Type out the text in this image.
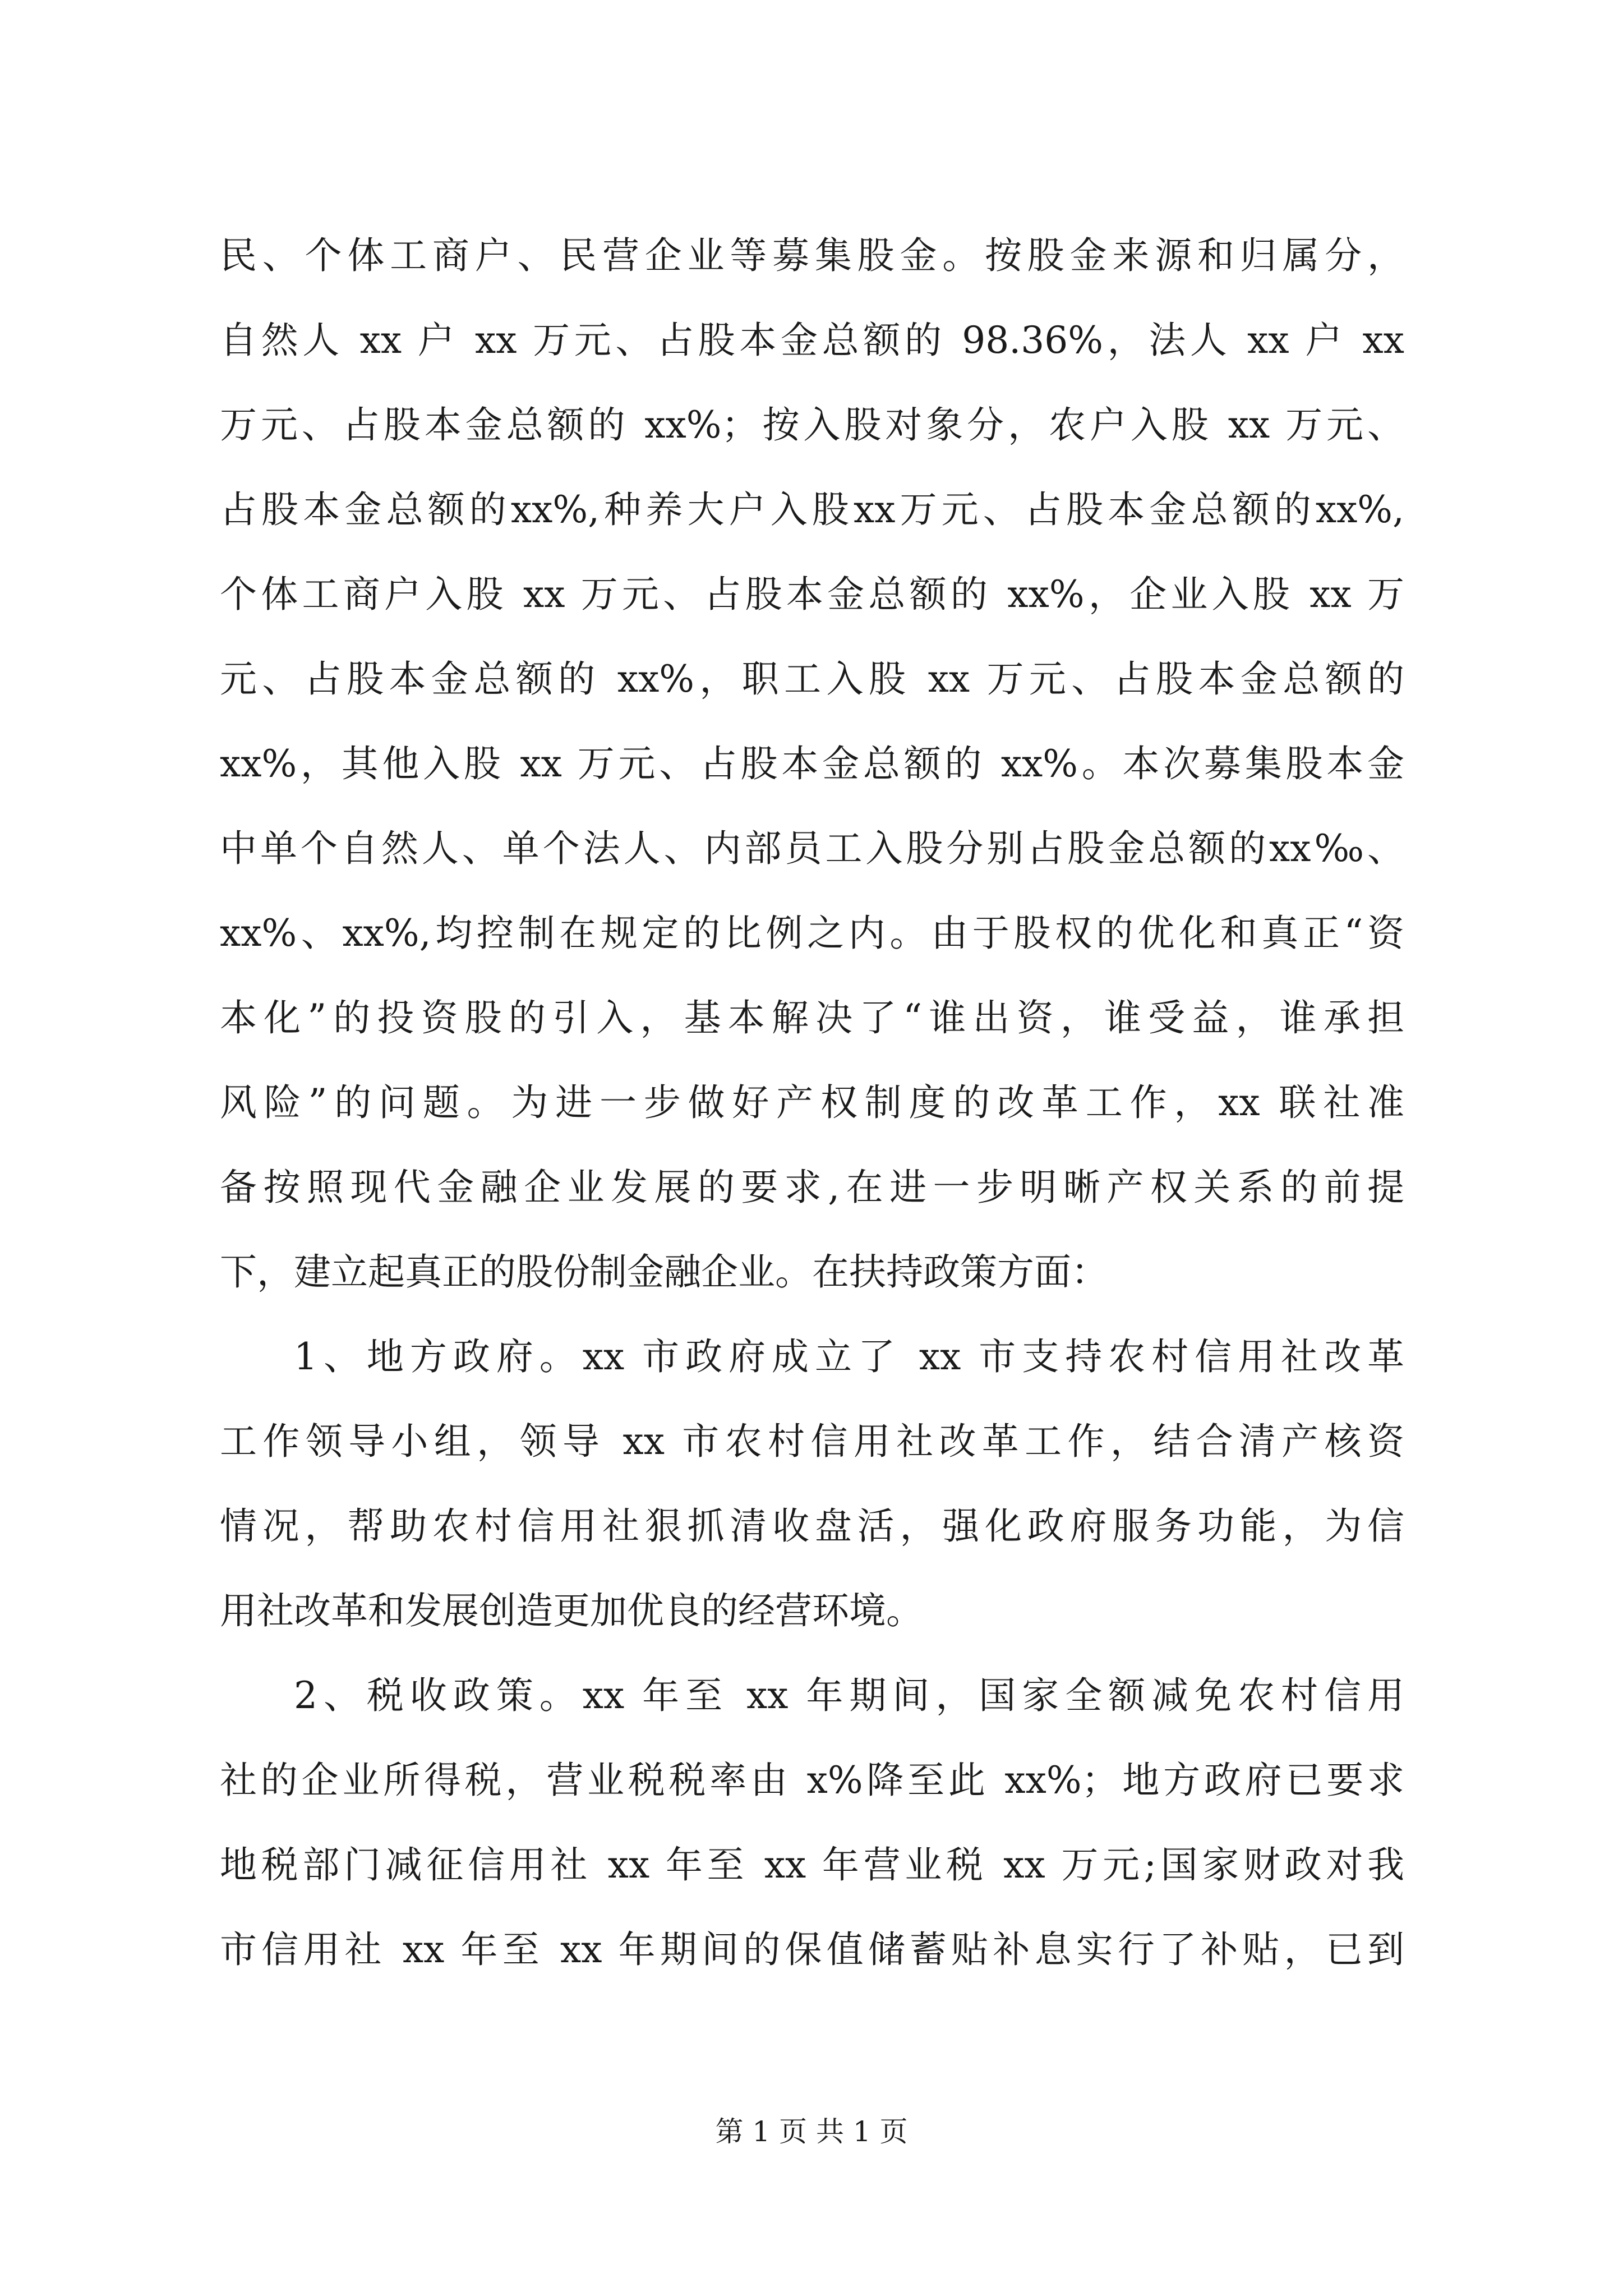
民、个体工商户、民营企业等募集股金。按股金来源和归属分，
自然人 xx 户 xx 万元、占股本金总额的 98.36%，法人 xx 户 xx
万元、占股本金总额的 xx%；按入股对象分，农户入股 xx 万元、
占股本金总额的xx%,种养大户入股xx万元、占股本金总额的xx%,
个体工商户入股 xx 万元、占股本金总额的 xx%，企业入股 xx 万
元、占股本金总额的 xx%，职工入股 xx 万元、占股本金总额的
xx%，其他入股 xx 万元、占股本金总额的 xx%。本次募集股本金
中单个自然人、单个法人、内部员工入股分别占股金总额的xx‰、
xx%、xx%,均控制在规定的比例之内。由于股权的优化和真正“资
本化”的投资股的引入，基本解决了“谁出资，谁受益，谁承担
风险”的问题。为进一步做好产权制度的改革工作，xx 联社准
备按照现代金融企业发展的要求,在进一步明晰产权关系的前提
下，建立起真正的股份制金融企业。在扶持政策方面：
1、地方政府。xx 市政府成立了 xx 市支持农村信用社改革
工作领导小组，领导 xx 市农村信用社改革工作，结合清产核资
情况，帮助农村信用社狠抓清收盘活，强化政府服务功能，为信
用社改革和发展创造更加优良的经营环境。
2、税收政策。xx 年至 xx 年期间，国家全额减免农村信用
社的企业所得税，营业税税率由 x%降至此 xx%；地方政府已要求
地税部门减征信用社 xx 年至 xx 年营业税 xx 万元;国家财政对我
市信用社 xx 年至 xx 年期间的保值储蓄贴补息实行了补贴，已到
第 1 页 共 1 页
